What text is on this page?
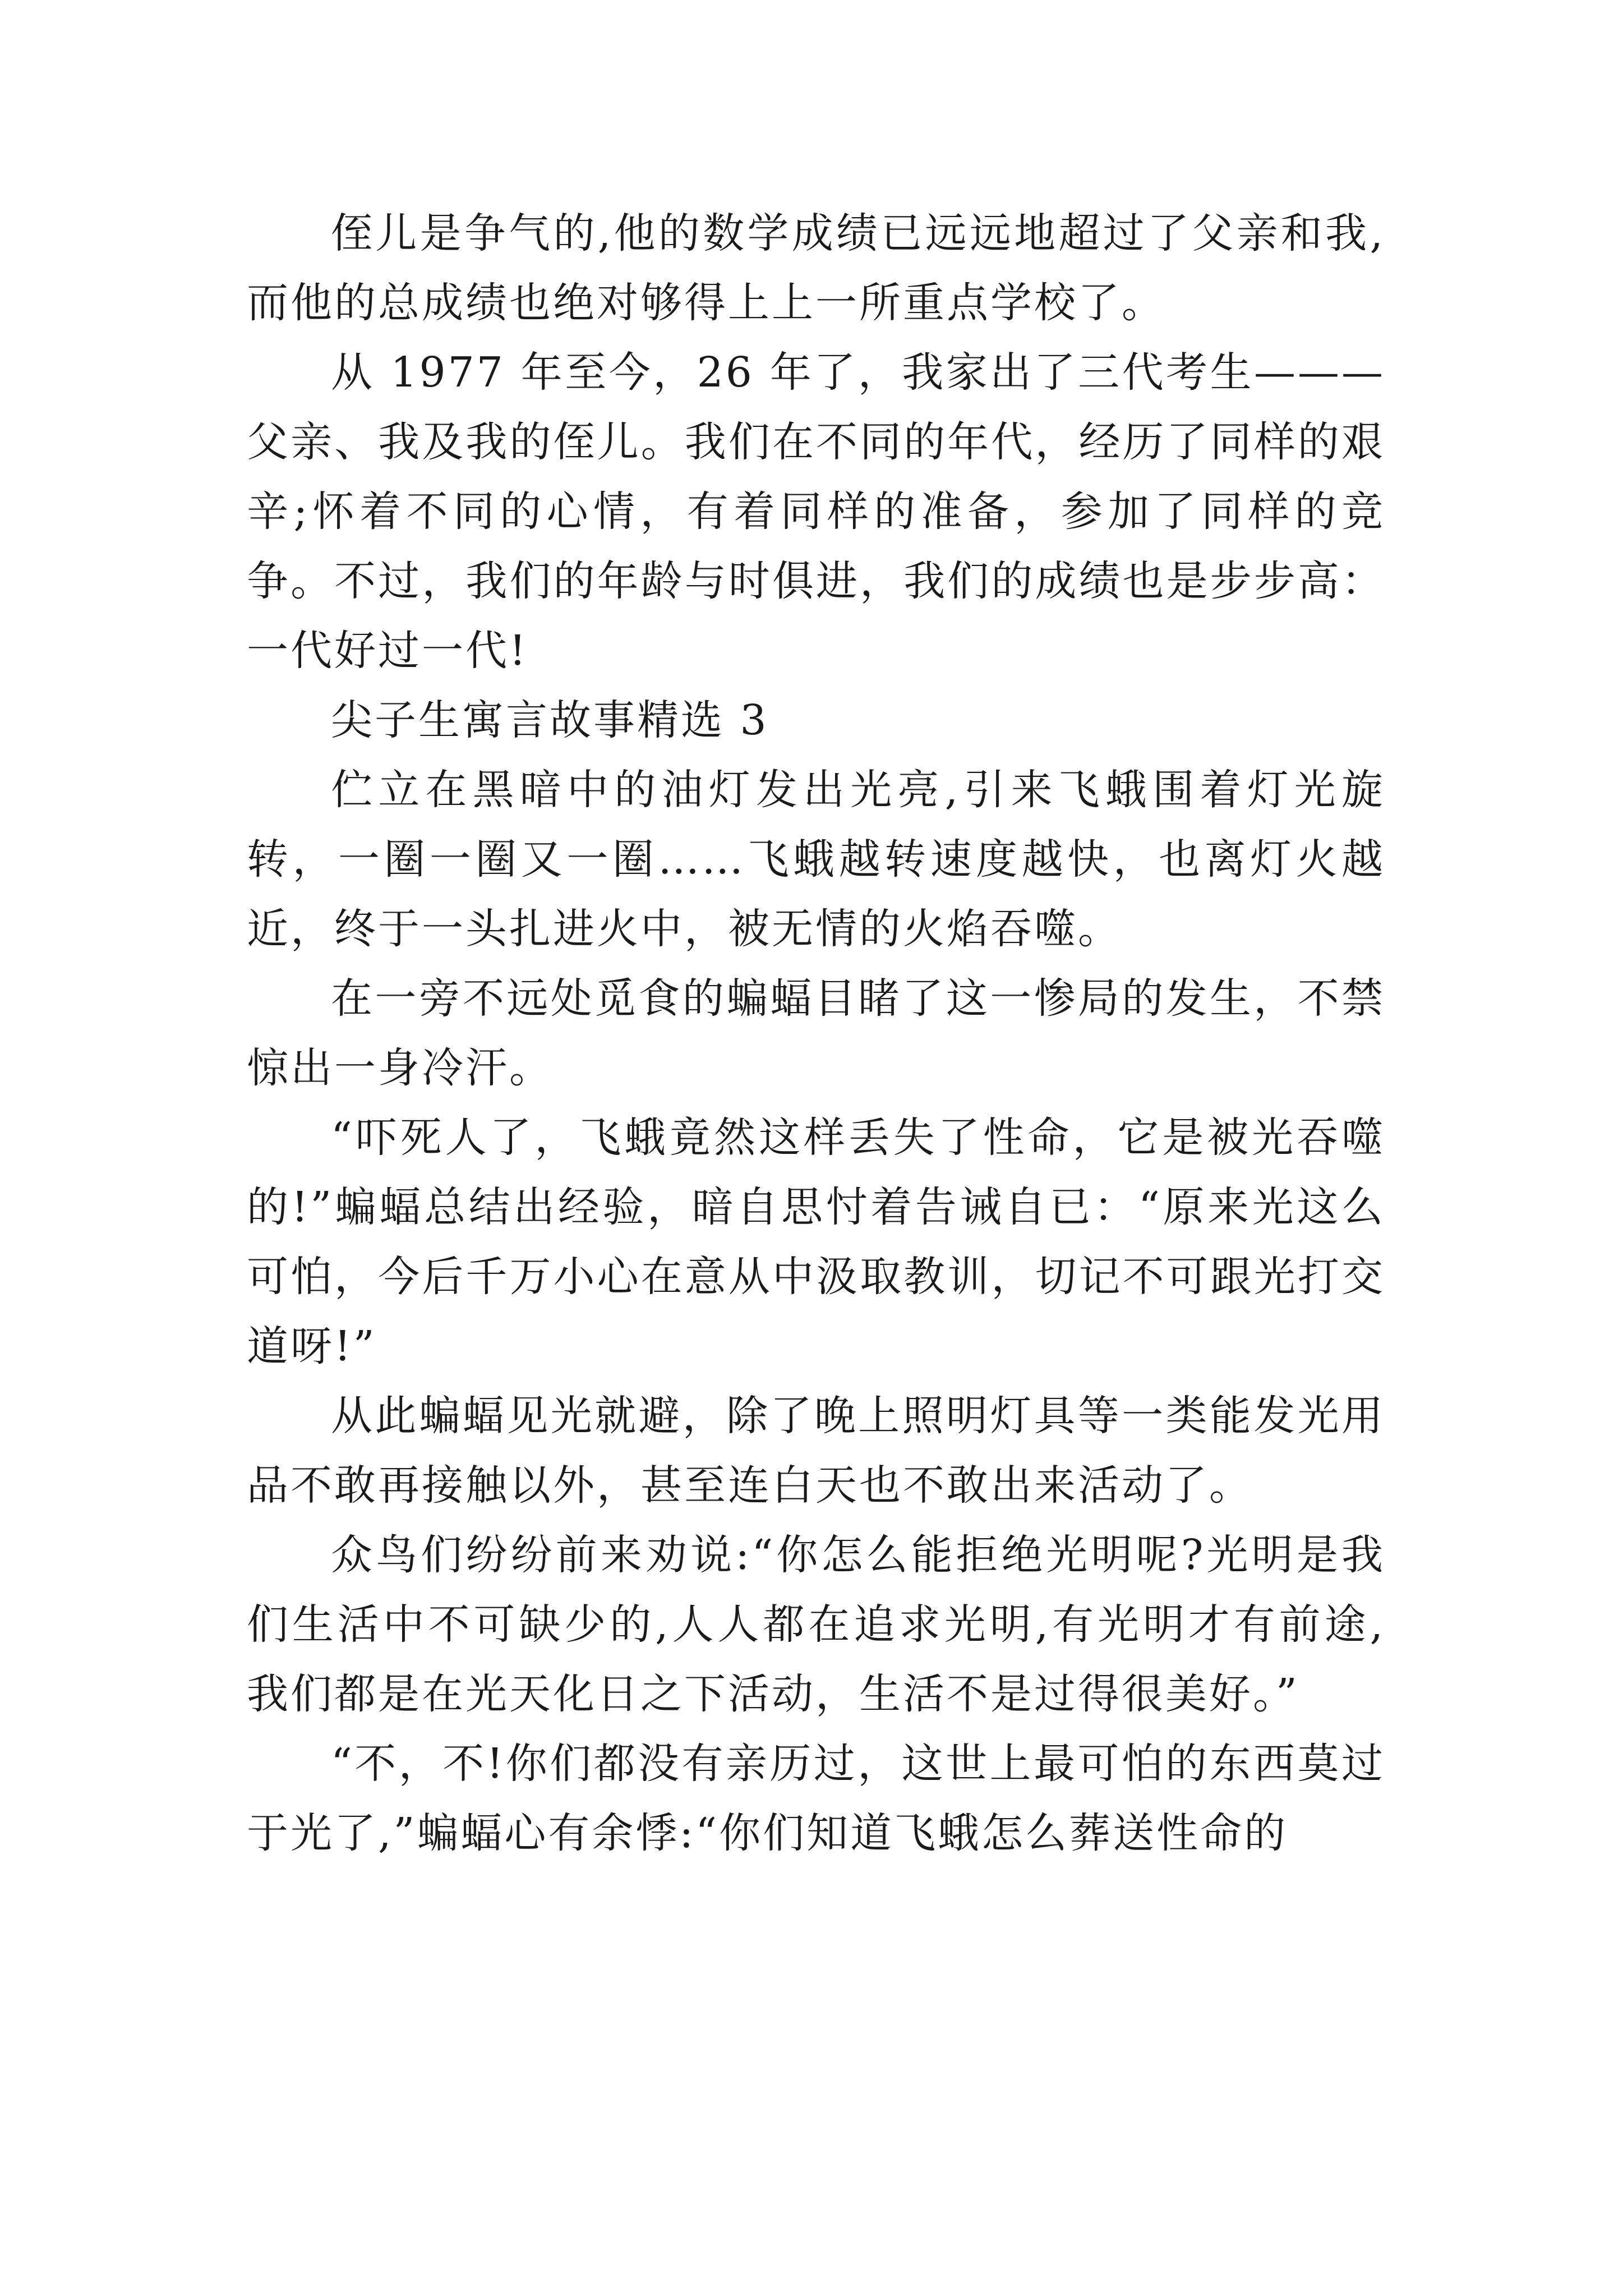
侄儿是争气的,他的数学成绩已远远地超过了父亲和我,而他的总成绩也绝对够得上上一所重点学校了。

从 1977 年至今，26 年了，我家出了三代考生———父亲、我及我的侄儿。我们在不同的年代，经历了同样的艰辛;怀着不同的心情，有着同样的准备，参加了同样的竞争。不过，我们的年龄与时俱进，我们的成绩也是步步高：一代好过一代!

尖子生寓言故事精选 3

伫立在黑暗中的油灯发出光亮,引来飞蛾围着灯光旋转，一圈一圈又一圈……飞蛾越转速度越快，也离灯火越近，终于一头扎进火中，被无情的火焰吞噬。

在一旁不远处觅食的蝙蝠目睹了这一惨局的发生，不禁惊出一身冷汗。

“吓死人了，飞蛾竟然这样丢失了性命，它是被光吞噬的!”蝙蝠总结出经验，暗自思忖着告诫自已：“原来光这么可怕，今后千万小心在意从中汲取教训，切记不可跟光打交道呀!”

从此蝙蝠见光就避，除了晚上照明灯具等一类能发光用品不敢再接触以外，甚至连白天也不敢出来活动了。

众鸟们纷纷前来劝说:“你怎么能拒绝光明呢?光明是我们生活中不可缺少的,人人都在追求光明,有光明才有前途,我们都是在光天化日之下活动，生活不是过得很美好。”

“不，不!你们都没有亲历过，这世上最可怕的东西莫过于光了,”蝙蝠心有余悸:“你们知道飞蛾怎么葬送性命的
